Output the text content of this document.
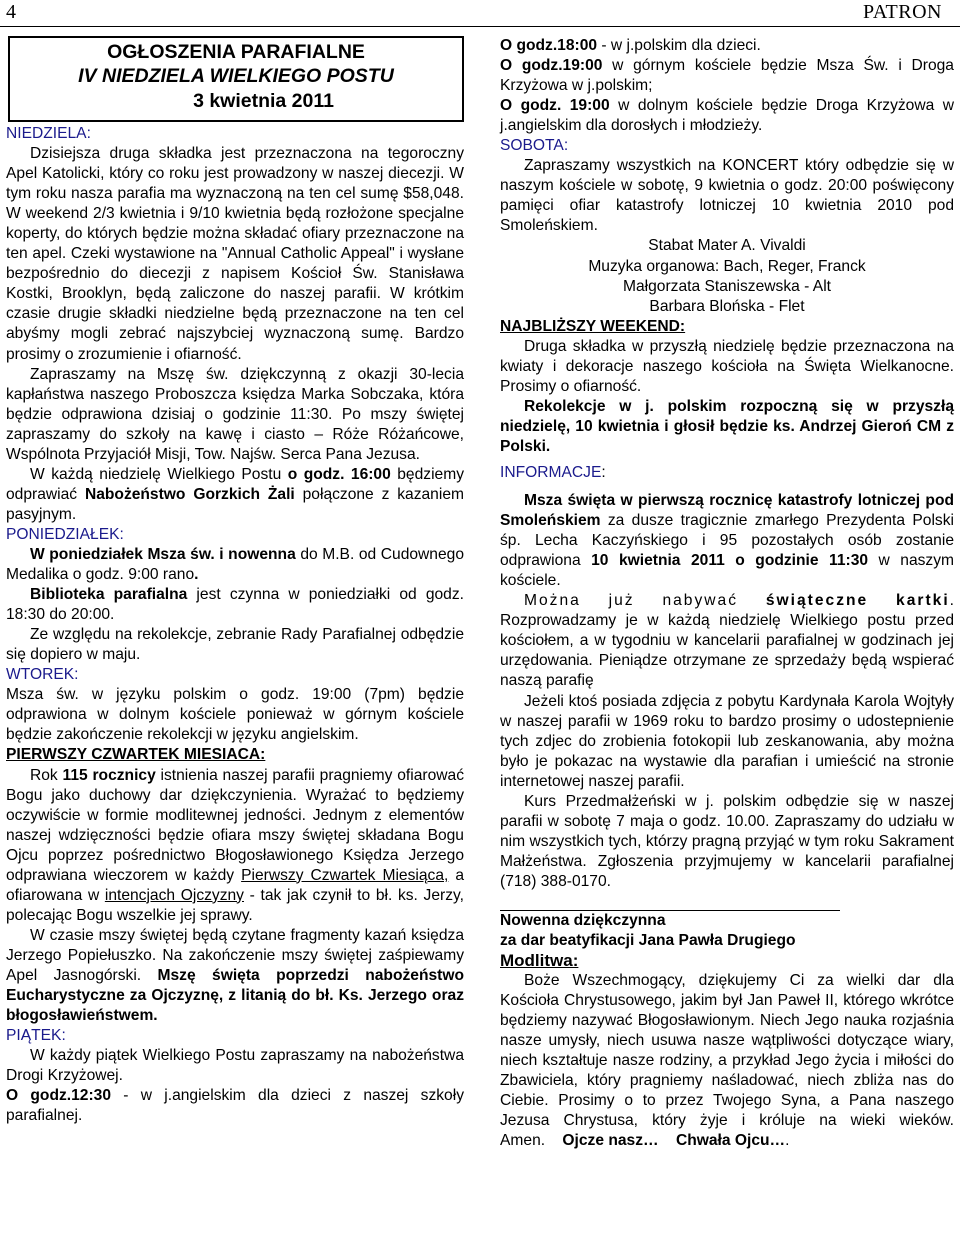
4	PATRON
OGŁOSZENIA PARAFIALNE
IV NIEDZIELA WIELKIEGO POSTU
3 kwietnia 2011

NIEDZIELA:

Dzisiejsza druga składka jest przeznaczona na tegoroczny Apel Katolicki, który co roku jest prowadzony w naszej diecezji. W tym roku nasza parafia ma wyznaczoną na ten cel sumę $58,048. W weekend 2/3 kwietnia i 9/10 kwietnia będą rozłożone specjalne koperty, do których będzie można składać ofiary przeznaczone na ten apel. Czeki wystawione na "Annual Catholic Appeal" i wysłane bezpośrednio do diecezji z napisem Kościoł Św. Stanisława Kostki, Brooklyn, będą zaliczone do naszej parafii. W krótkim czasie drugie składki niedzielne będą przeznaczone na ten cel abyśmy mogli zebrać najszybciej wyznaczoną sumę. Bardzo prosimy o zrozumienie i ofiarność.

Zapraszamy na Mszę św. dziękczynną z okazji 30-lecia kapłaństwa naszego Proboszcza księdza Marka Sobczaka, która będzie odprawiona dzisiaj o godzinie 11:30. Po mszy świętej zapraszamy do szkoły na kawę i ciasto – Róże Różańcowe, Wspólnota Przyjaciół Misji, Tow. Najśw. Serca Pana Jezusa.

W każdą niedzielę Wielkiego Postu o godz. 16:00 będziemy odprawiać Nabożeństwo Gorzkich Żali połączone z kazaniem pasyjnym.

PONIEDZIAŁEK:

W poniedziałek Msza św. i nowenna do M.B. od Cudownego Medalika o godz. 9:00 rano.

Biblioteka parafialna jest czynna w poniedziałki od godz. 18:30 do 20:00.

Ze względu na rekolekcje, zebranie Rady Parafialnej odbędzie się dopiero w maju.

WTOREK:

Msza św. w języku polskim o godz. 19:00 (7pm) będzie odprawiona w dolnym kościele ponieważ w górnym kościele będzie zakończenie rekolekcji w języku angielskim.

PIERWSZY CZWARTEK MIESIACA:

Rok 115 rocznicy istnienia naszej parafii pragniemy ofiarować Bogu jako duchowy dar dziękczynienia. Wyrażać to będziemy oczywiście w formie modlitewnej jedności. Jednym z elementów naszej wdzięczności będzie ofiara mszy świętej składana Bogu Ojcu poprzez pośrednictwo Błogosławionego Księdza Jerzego odprawiana wieczorem w każdy Pierwszy Czwartek Miesiąca, a ofiarowana w intencjach Ojczyzny - tak jak czynił to bł. ks. Jerzy, polecając Bogu wszelkie jej sprawy.

W czasie mszy świętej będą czytane fragmenty kazań księdza Jerzego Popiełuszko. Na zakończenie mszy świętej zaśpiewamy Apel Jasnogórski. Mszę święta poprzedzi nabożeństwo Eucharystyczne za Ojczyznę, z litanią do bł. Ks. Jerzego oraz błogosławieństwem.

PIĄTEK:

W każdy piątek Wielkiego Postu zapraszamy na nabożeństwa Drogi Krzyżowej.

O godz.12:30 - w j.angielskim dla dzieci z naszej szkoły parafialnej.

O godz.18:00 - w j.polskim dla dzieci.

O godz.19:00 w górnym kościele będzie Msza Św. i Droga Krzyżowa w j.polskim;

O godz. 19:00 w dolnym kościele będzie Droga Krzyżowa w j.angielskim dla dorosłych i młodzieży.

SOBOTA:

Zapraszamy wszystkich na KONCERT który odbędzie się w naszym kościele w sobotę, 9 kwietnia o godz. 20:00 poświęcony pamięci ofiar katastrofy lotniczej 10 kwietnia 2010 pod Smoleńskiem.

Stabat Mater A. Vivaldi

Muzyka organowa: Bach, Reger, Franck

Małgorzata Staniszewska - Alt

Barbara Blońska - Flet

NAJBLIŻSZY WEEKEND:

Druga składka w przyszłą niedzielę będzie przeznaczona na kwiaty i dekoracje naszego kościoła na Święta Wielkanocne. Prosimy o ofiarność.

Rekolekcje w j. polskim rozpoczną się w przyszłą niedzielę, 10 kwietnia i głosił będzie ks. Andrzej Gieroń CM z Polski.

INFORMACJE:

Msza święta w pierwszą rocznicę katastrofy lotniczej pod Smoleńskiem za dusze tragicznie zmarłego Prezydenta Polski śp. Lecha Kaczyńskiego i 95 pozostałych osób zostanie odprawiona 10 kwietnia 2011 o godzinie 11:30 w naszym kościele.

Można już nabywać świąteczne kartki. Rozprowadzamy je w każdą niedzielę Wielkiego postu przed kościołem, a w tygodniu w kancelarii parafialnej w godzinach jej urzędowania. Pieniądze otrzymane ze sprzedaży będą wspierać naszą parafię

Jeżeli ktoś posiada zdjęcia z pobytu Kardynała Karola Wojtyły w naszej parafii w 1969 roku to bardzo prosimy o udostepnienie tych zdjec do zrobienia fotokopii lub zeskanowania, aby można było je pokazac na wystawie dla parafian i umieścić na stronie internetowej naszej parafii.

Kurs Przedmałżeński w j. polskim odbędzie się w naszej parafii w sobotę 7 maja o godz. 10.00. Zapraszamy do udziału w nim wszystkich tych, którzy pragną przyjąć w tym roku Sakrament Małżeństwa. Zgłoszenia przyjmujemy w kancelarii parafialnej (718) 388-0170.

Nowenna dziękczynna

za dar beatyfikacji Jana Pawła Drugiego

Modlitwa:

Boże Wszechmogący, dziękujemy Ci za wielki dar dla Kościoła Chrystusowego, jakim był Jan Paweł II, którego wkrótce będziemy nazywać Błogosławionym. Niech Jego nauka rozjaśnia nasze umysły, niech usuwa nasze wątpliwości dotyczące wiary, niech kształtuje nasze rodziny, a przykład Jego życia i miłości do Zbawiciela, który pragniemy naśladować, niech zbliża nas do Ciebie. Prosimy o to przez Twojego Syna, a Pana naszego Jezusa Chrystusa, który żyje i króluje na wieki wieków. Amen. Ojcze nasz… Chwała Ojcu….
